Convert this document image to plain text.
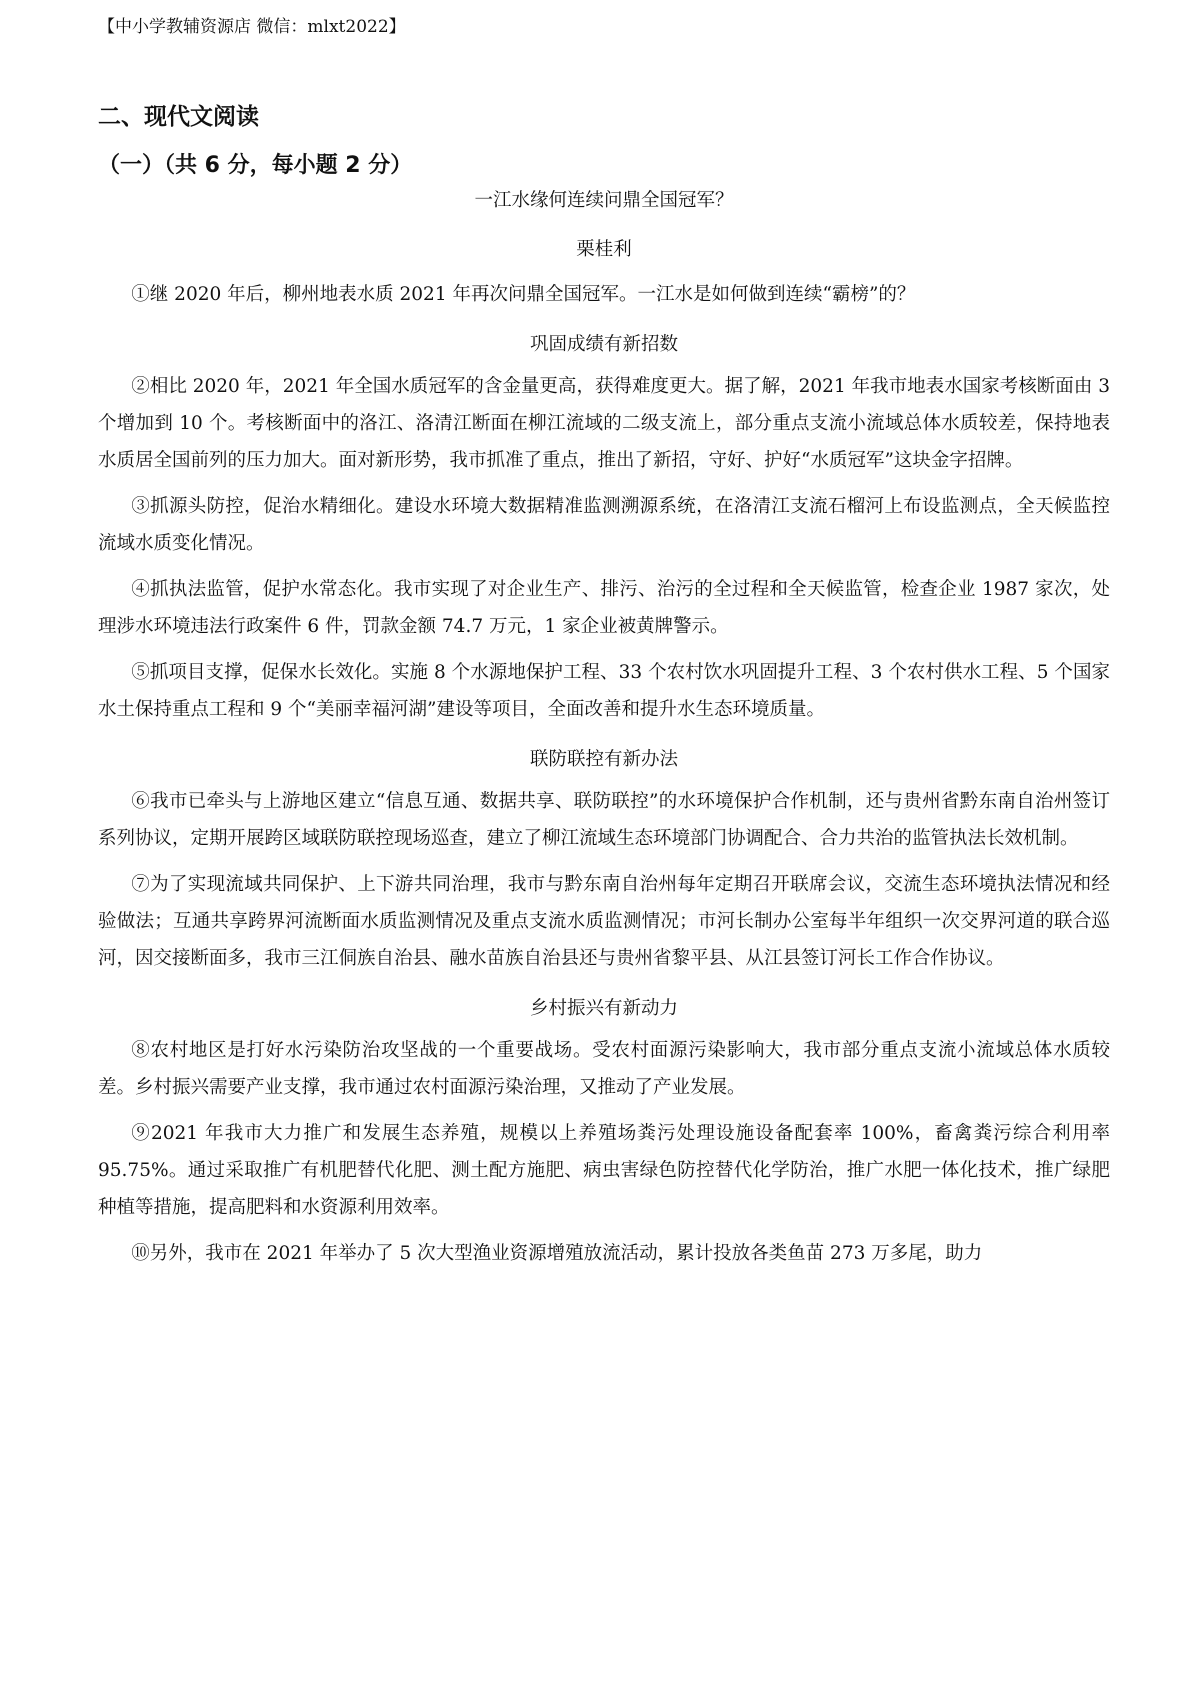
【中小学教辅资源店 微信：mlxt2022】
二、现代文阅读
（一）（共 6 分，每小题 2 分）
一江水缘何连续问鼎全国冠军？
栗桂利

①继 2020 年后，柳州地表水质 2021 年再次问鼎全国冠军。一江水是如何做到连续“霸榜”的？

巩固成绩有新招数

②相比 2020 年，2021 年全国水质冠军的含金量更高，获得难度更大。据了解，2021 年我市地表水国家考核断面由 3 个增加到 10 个。考核断面中的洛江、洛清江断面在柳江流域的二级支流上，部分重点支流小流域总体水质较差，保持地表水质居全国前列的压力加大。面对新形势，我市抓准了重点，推出了新招，守好、护好“水质冠军”这块金字招牌。

③抓源头防控，促治水精细化。建设水环境大数据精准监测溯源系统，在洛清江支流石榴河上布设监测点，全天候监控流域水质变化情况。

④抓执法监管，促护水常态化。我市实现了对企业生产、排污、治污的全过程和全天候监管，检查企业 1987 家次，处理涉水环境违法行政案件 6 件，罚款金额 74.7 万元，1 家企业被黄牌警示。

⑤抓项目支撑，促保水长效化。实施 8 个水源地保护工程、33 个农村饮水巩固提升工程、3 个农村供水工程、5 个国家水土保持重点工程和 9 个“美丽幸福河湖”建设等项目，全面改善和提升水生态环境质量。

联防联控有新办法

⑥我市已牵头与上游地区建立“信息互通、数据共享、联防联控”的水环境保护合作机制，还与贵州省黔东南自治州签订系列协议，定期开展跨区域联防联控现场巡查，建立了柳江流域生态环境部门协调配合、合力共治的监管执法长效机制。

⑦为了实现流域共同保护、上下游共同治理，我市与黔东南自治州每年定期召开联席会议，交流生态环境执法情况和经验做法；互通共享跨界河流断面水质监测情况及重点支流水质监测情况；市河长制办公室每半年组织一次交界河道的联合巡河，因交接断面多，我市三江侗族自治县、融水苗族自治县还与贵州省黎平县、从江县签订河长工作合作协议。

乡村振兴有新动力

⑧农村地区是打好水污染防治攻坚战的一个重要战场。受农村面源污染影响大，我市部分重点支流小流域总体水质较差。乡村振兴需要产业支撑，我市通过农村面源污染治理，又推动了产业发展。

⑨2021 年我市大力推广和发展生态养殖，规模以上养殖场粪污处理设施设备配套率 100%，畜禽粪污综合利用率 95.75%。通过采取推广有机肥替代化肥、测土配方施肥、病虫害绿色防控替代化学防治，推广水肥一体化技术，推广绿肥种植等措施，提高肥料和水资源利用效率。

⑩另外，我市在 2021 年举办了 5 次大型渔业资源增殖放流活动，累计投放各类鱼苗 273 万多尾，助力
